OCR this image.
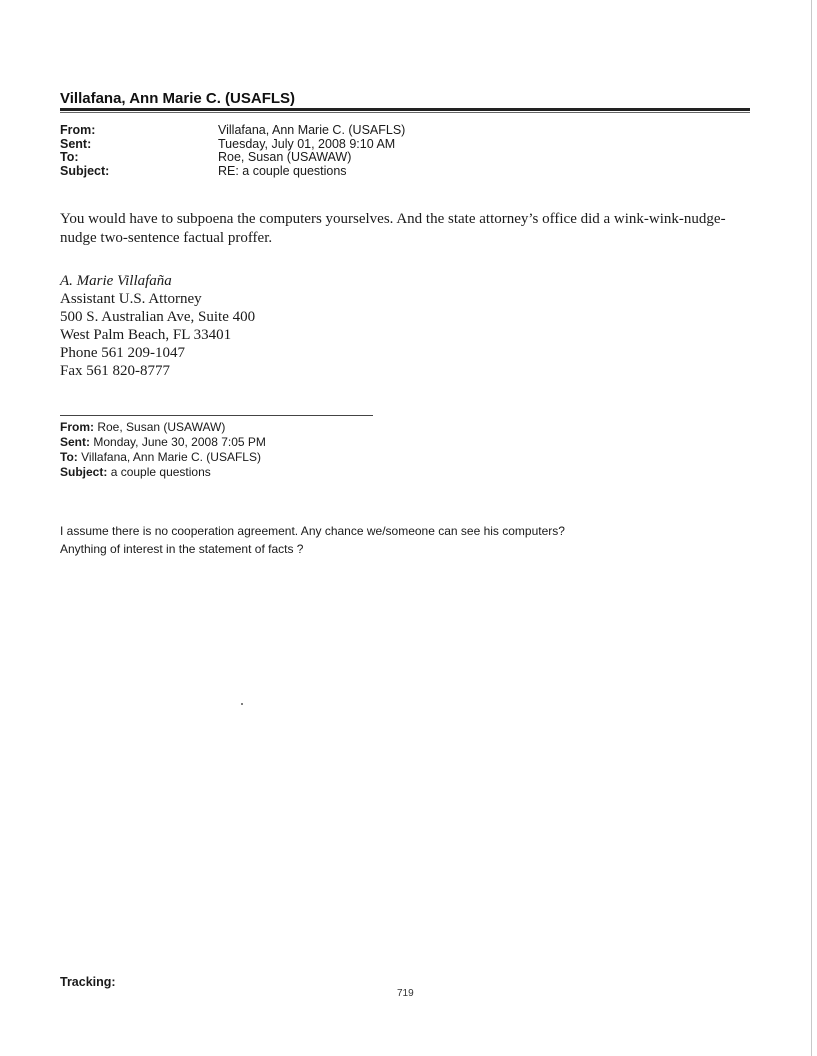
Villafana, Ann Marie C. (USAFLS)
From:
Sent:
To:
Subject:
Villafana, Ann Marie C. (USAFLS)
Tuesday, July 01, 2008 9:10 AM
Roe, Susan (USAWAW)
RE: a couple questions
You would have to subpoena the computers yourselves. And the state attorney’s office did a wink-wink-nudge-nudge two-sentence factual proffer.
A. Marie Villafaña
Assistant U.S. Attorney
500 S. Australian Ave, Suite 400
West Palm Beach, FL 33401
Phone 561 209-1047
Fax 561 820-8777
From: Roe, Susan (USAWAW)
Sent: Monday, June 30, 2008 7:05 PM
To: Villafana, Ann Marie C. (USAFLS)
Subject: a couple questions
I assume there is no cooperation agreement. Any chance we/someone can see his computers?
Anything of interest in the statement of facts ?
Tracking:
719
